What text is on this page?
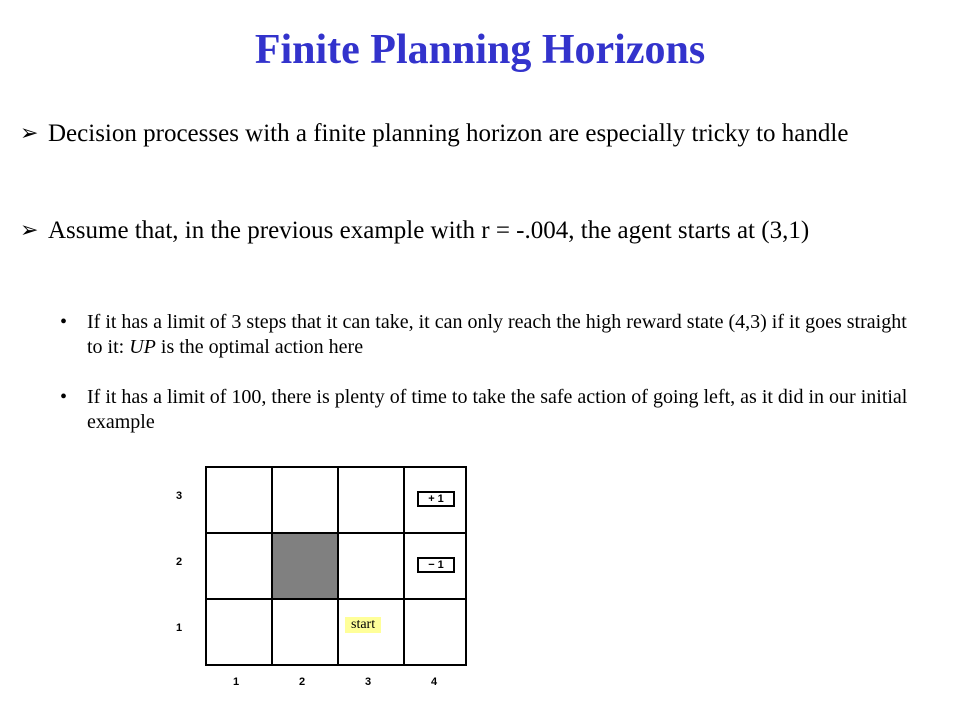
Finite Planning Horizons
➢ Decision processes with a finite planning horizon are especially tricky to handle
➢ Assume that, in the previous example with r = -.004, the agent starts at (3,1)
• If it has a limit of 3 steps that it can take, it can only reach the high reward state (4,3) if it goes straight to it: UP is the optimal action here
• If it has a limit of 100, there is plenty of time to take the safe action of going left, as it did in our initial example
3
2
1
+ 1
− 1
start
1	2	3	4
